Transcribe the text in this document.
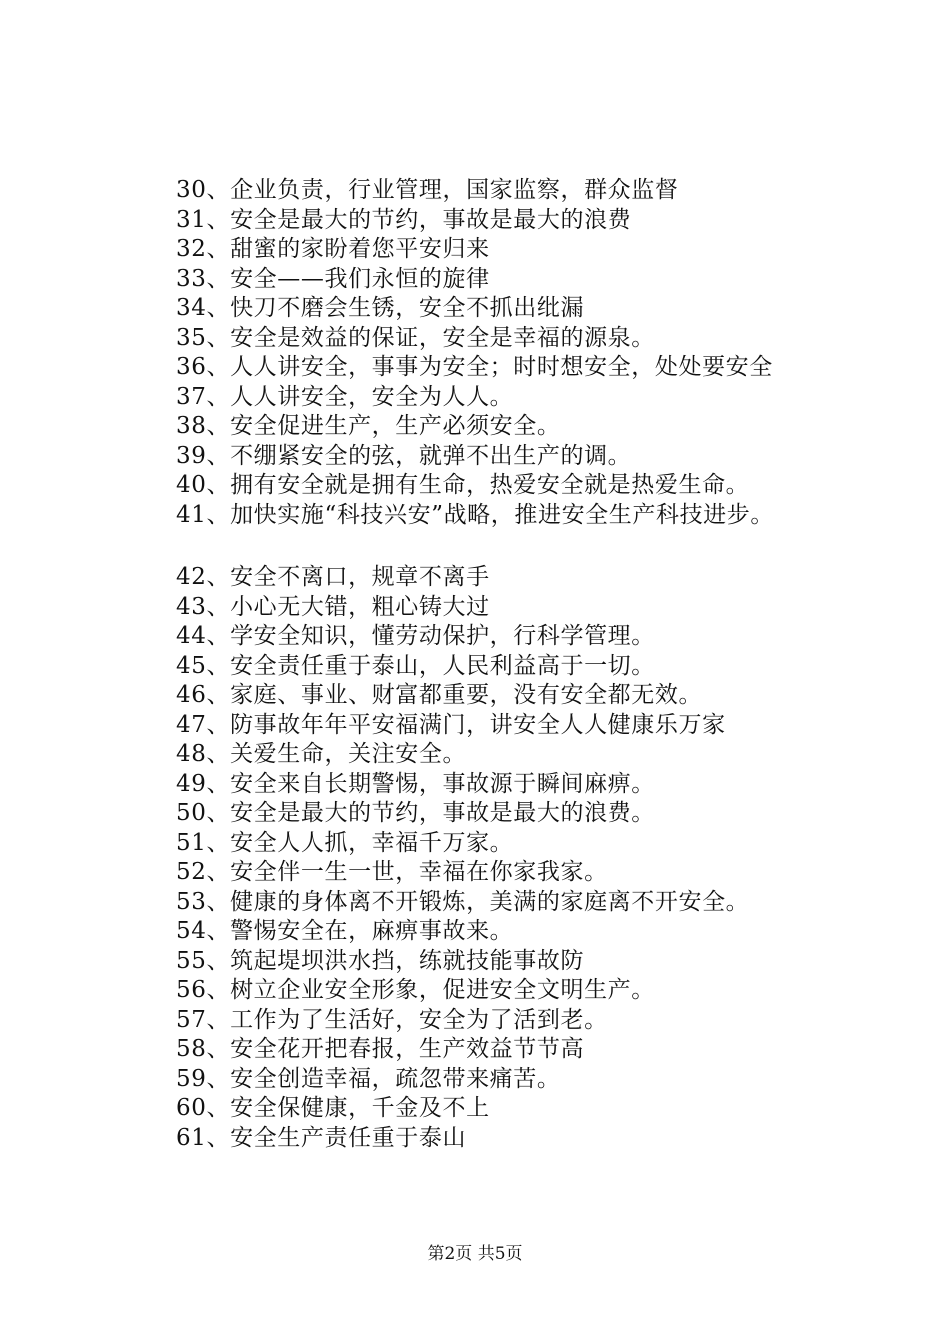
30、企业负责，行业管理，国家监察，群众监督
31、安全是最大的节约，事故是最大的浪费
32、甜蜜的家盼着您平安归来
33、安全——我们永恒的旋律
34、快刀不磨会生锈，安全不抓出纰漏
35、安全是效益的保证，安全是幸福的源泉。
36、人人讲安全，事事为安全；时时想安全，处处要安全
37、人人讲安全，安全为人人。
38、安全促进生产，生产必须安全。
39、不绷紧安全的弦，就弹不出生产的调。
40、拥有安全就是拥有生命，热爱安全就是热爱生命。
41、加快实施“科技兴安”战略，推进安全生产科技进步。
42、安全不离口，规章不离手
43、小心无大错，粗心铸大过
44、学安全知识，懂劳动保护，行科学管理。
45、安全责任重于泰山，人民利益高于一切。
46、家庭、事业、财富都重要，没有安全都无效。
47、防事故年年平安福满门，讲安全人人健康乐万家
48、关爱生命，关注安全。
49、安全来自长期警惕，事故源于瞬间麻痹。
50、安全是最大的节约，事故是最大的浪费。
51、安全人人抓，幸福千万家。
52、安全伴一生一世，幸福在你家我家。
53、健康的身体离不开锻炼，美满的家庭离不开安全。
54、警惕安全在，麻痹事故来。
55、筑起堤坝洪水挡，练就技能事故防
56、树立企业安全形象，促进安全文明生产。
57、工作为了生活好，安全为了活到老。
58、安全花开把春报，生产效益节节高
59、安全创造幸福，疏忽带来痛苦。
60、安全保健康，千金及不上
61、安全生产责任重于泰山
第2页 共5页
